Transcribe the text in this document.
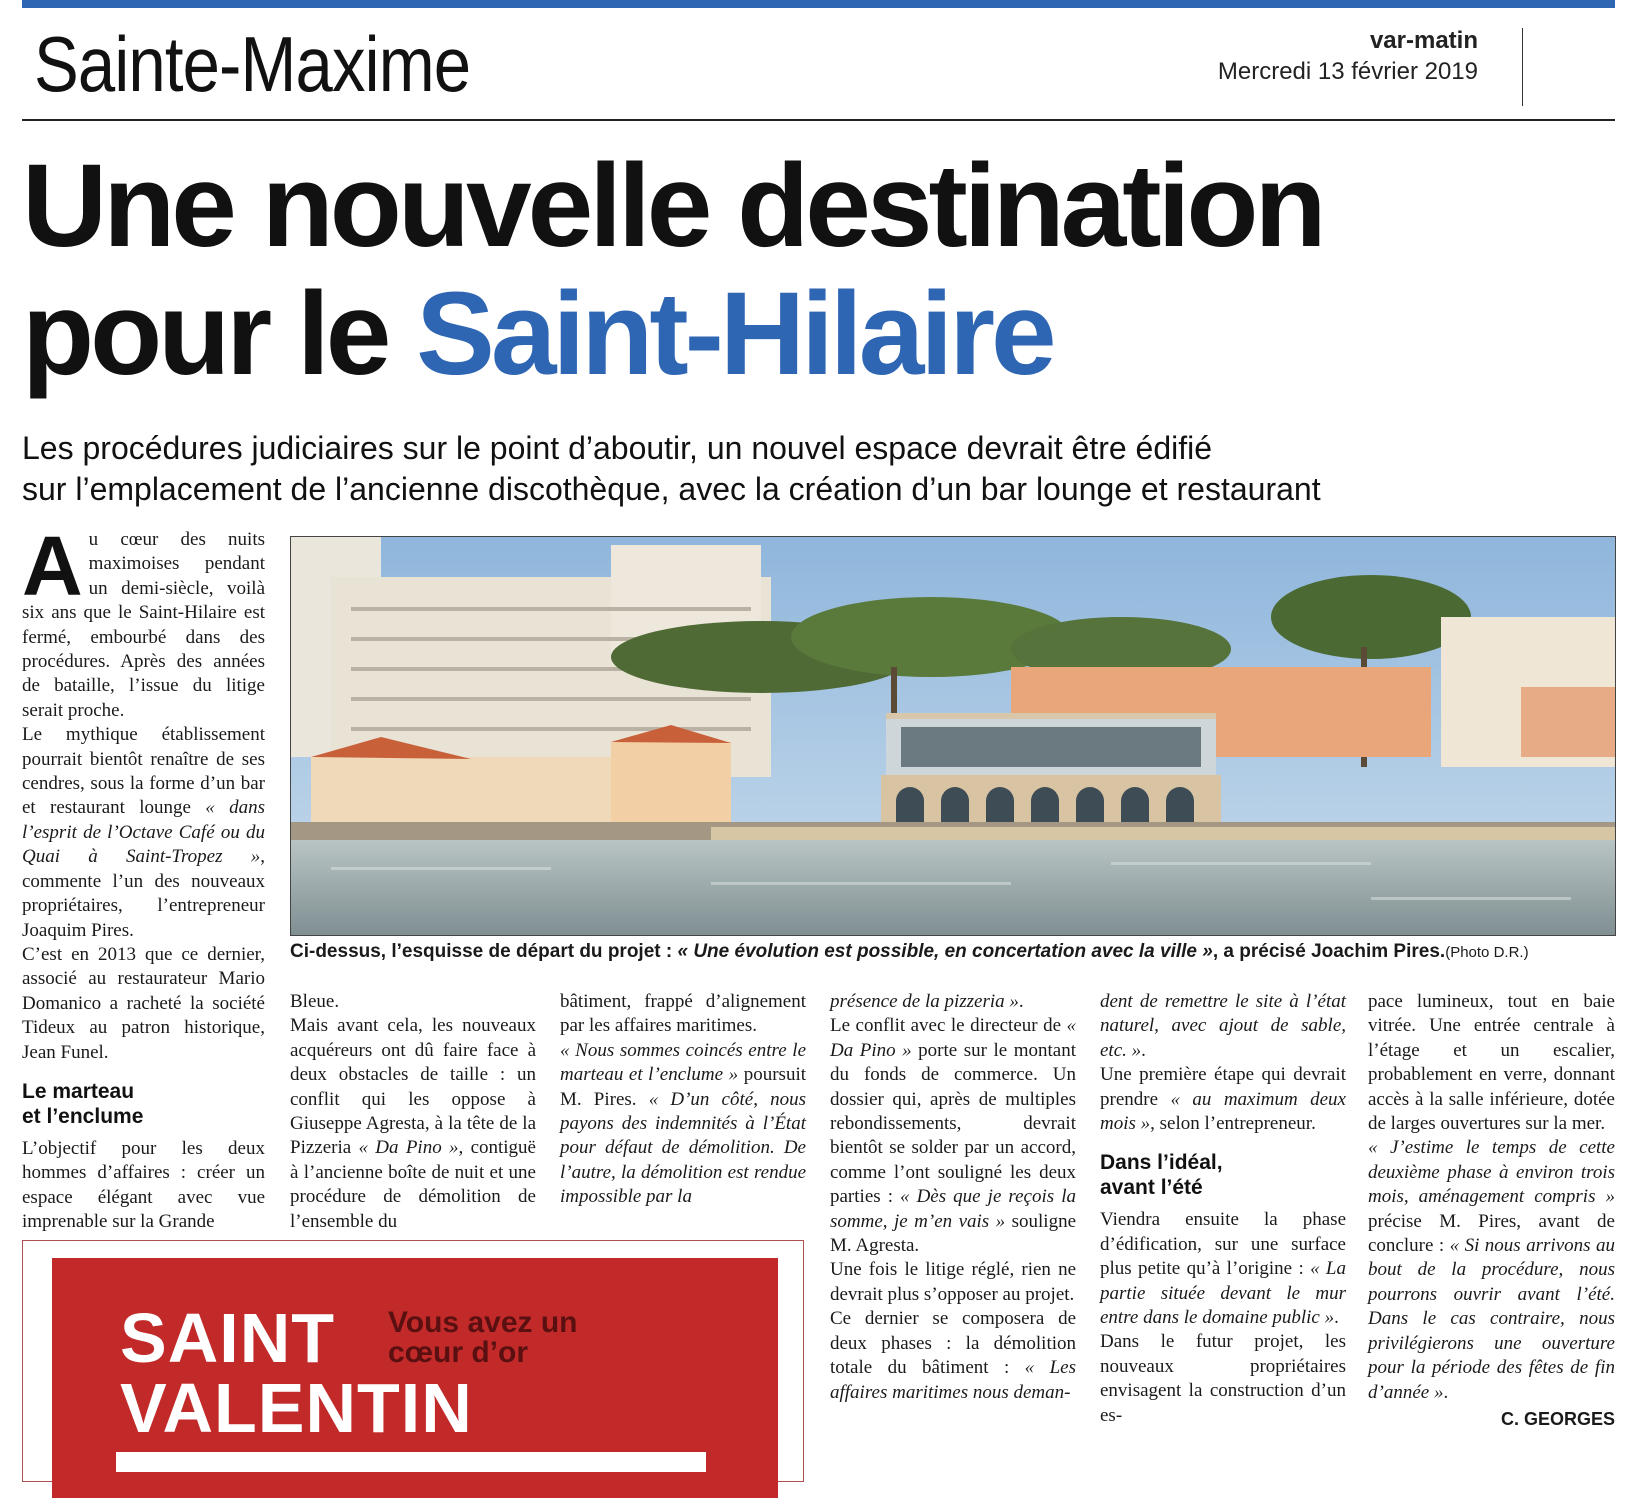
Sainte-Maxime	var-matin
Mercredi 13 février 2019
Une nouvelle destination
pour le Saint-Hilaire

Les procédures judiciaires sur le point d’aboutir, un nouvel espace devrait être édifié
sur l’emplacement de l’ancienne discothèque, avec la création d’un bar lounge et restaurant

Au cœur des nuits maximoises pendant un demi-siècle, voilà six ans que le Saint-Hilaire est fermé, embourbé dans des procédures. Après des années de bataille, l’issue du litige serait proche.

Le mythique établissement pourrait bientôt renaître de ses cendres, sous la forme d’un bar et restaurant lounge « dans l’esprit de l’Octave Café ou du Quai à Saint-Tropez », commente l’un des nouveaux propriétaires, l’entrepreneur Joaquim Pires.

C’est en 2013 que ce dernier, associé au restaurateur Mario Domanico a racheté la société Tideux au patron historique, Jean Funel.

Le marteau
et l’enclume

L’objectif pour les deux hommes d’affaires : créer un espace élégant avec vue imprenable sur la Grande

Ci-dessus, l’esquisse de départ du projet : « Une évolution est possible, en concertation avec la ville », a précisé Joachim Pires.(Photo D.R.)

Bleue.

Mais avant cela, les nouveaux acquéreurs ont dû faire face à deux obstacles de taille : un conflit qui les oppose à Giuseppe Agresta, à la tête de la Pizzeria « Da Pino », contiguë à l’ancienne boîte de nuit et une procédure de démolition de l’ensemble du

bâtiment, frappé d’alignement par les affaires maritimes.

« Nous sommes coincés entre le marteau et l’enclume » poursuit M. Pires. « D’un côté, nous payons des indemnités à l’État pour défaut de démolition. De l’autre, la démolition est rendue impossible par la

présence de la pizzeria ».

Le conflit avec le directeur de « Da Pino » porte sur le montant du fonds de commerce. Un dossier qui, après de multiples rebondissements, devrait bientôt se solder par un accord, comme l’ont souligné les deux parties : « Dès que je reçois la somme, je m’en vais » souligne M. Agresta.

Une fois le litige réglé, rien ne devrait plus s’opposer au projet.

Ce dernier se composera de deux phases : la démolition totale du bâtiment : « Les affaires maritimes nous deman-

dent de remettre le site à l’état naturel, avec ajout de sable, etc. ».

Une première étape qui devrait prendre « au maximum deux mois », selon l’entrepreneur.

Dans l’idéal,
avant l’été

Viendra ensuite la phase d’édification, sur une surface plus petite qu’à l’origine : « La partie située devant le mur entre dans le domaine public ».

Dans le futur projet, les nouveaux propriétaires envisagent la construction d’un es-

pace lumineux, tout en baie vitrée. Une entrée centrale à l’étage et un escalier, probablement en verre, donnant accès à la salle inférieure, dotée de larges ouvertures sur la mer.

« J’estime le temps de cette deuxième phase à environ trois mois, aménagement compris » précise M. Pires, avant de conclure : « Si nous arrivons au bout de la procédure, nous pourrons ouvrir avant l’été. Dans le cas contraire, nous privilégierons une ouverture pour la période des fêtes de fin d’année ».

C. GEORGES
SAINT
VALENTIN
Vous avez un cœur d’or
